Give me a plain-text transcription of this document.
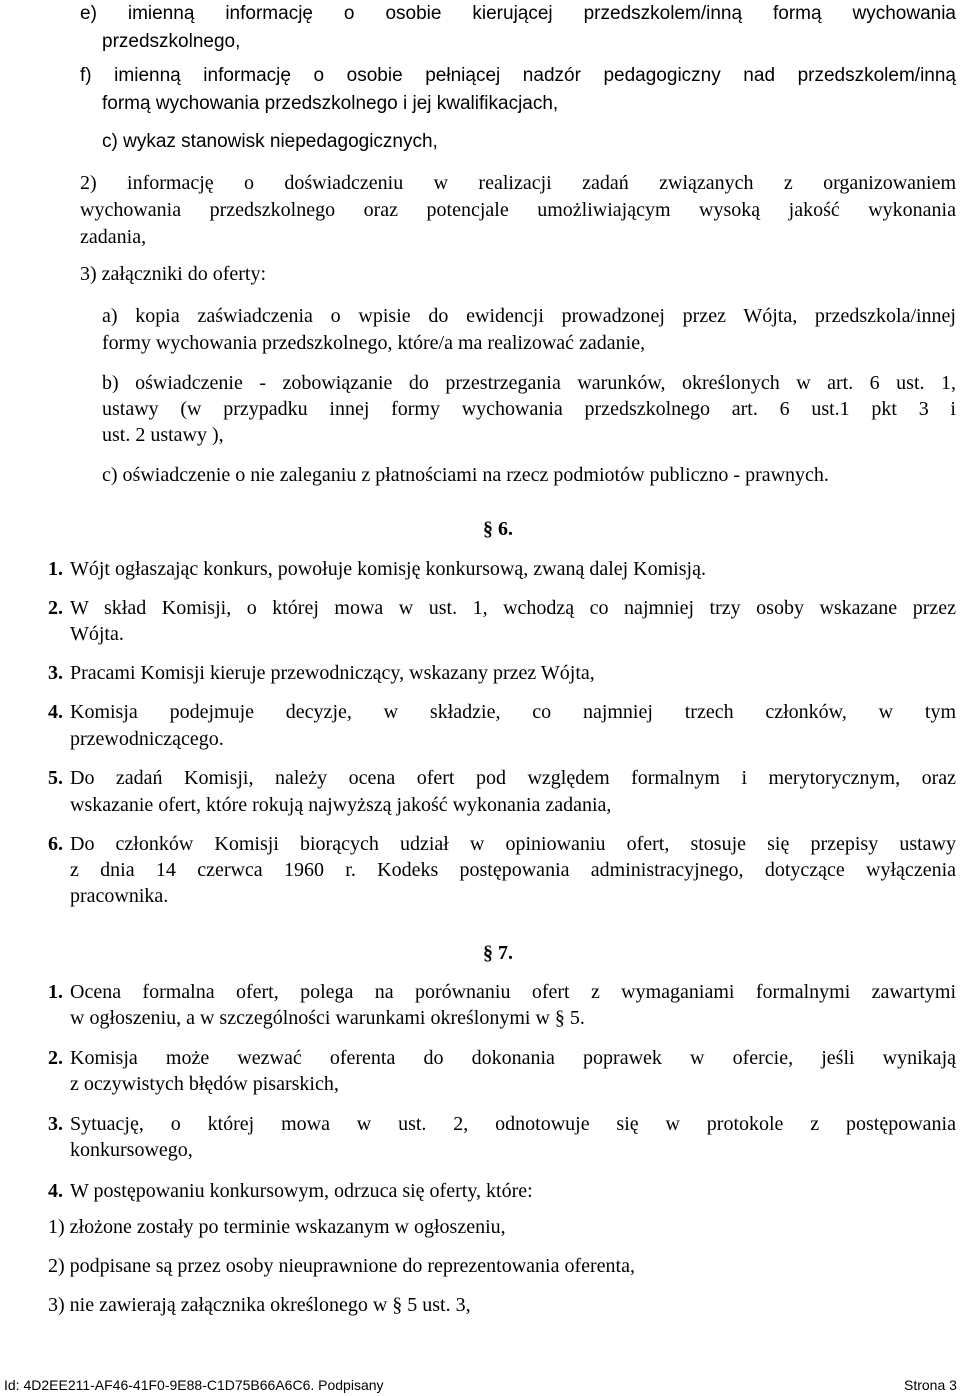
e) imienną informację o osobie kierującej przedszkolem/inną formą wychowania
przedszkolnego,
f) imienną informację o osobie pełniącej nadzór pedagogiczny nad przedszkolem/inną
formą wychowania przedszkolnego i jej kwalifikacjach,
c) wykaz stanowisk niepedagogicznych,
2) informację o doświadczeniu w realizacji zadań związanych z organizowaniem
wychowania przedszkolnego oraz potencjale umożliwiającym wysoką jakość wykonania
zadania,
3) załączniki do oferty:
a) kopia zaświadczenia o wpisie do ewidencji prowadzonej przez Wójta, przedszkola/innej
formy wychowania przedszkolnego, które/a ma realizować zadanie,
b) oświadczenie - zobowiązanie do przestrzegania warunków, określonych w art. 6 ust. 1,
ustawy (w przypadku innej formy wychowania przedszkolnego art. 6 ust.1 pkt 3 i
ust. 2 ustawy ),
c) oświadczenie o nie zaleganiu z płatnościami na rzecz podmiotów publiczno - prawnych.
§ 6.
1. Wójt ogłaszając konkurs, powołuje komisję konkursową, zwaną dalej Komisją.
2. W skład Komisji, o której mowa w ust. 1, wchodzą co najmniej trzy osoby wskazane przez
Wójta.
3. Pracami Komisji kieruje przewodniczący, wskazany przez Wójta,
4. Komisja podejmuje decyzje, w składzie, co najmniej trzech członków, w tym
przewodniczącego.
5. Do zadań Komisji, należy ocena ofert pod względem formalnym i merytorycznym, oraz
wskazanie ofert, które rokują najwyższą jakość wykonania zadania,
6. Do członków Komisji biorących udział w opiniowaniu ofert, stosuje się przepisy ustawy
z dnia 14 czerwca 1960 r. Kodeks postępowania administracyjnego, dotyczące wyłączenia
pracownika.
§ 7.
1. Ocena formalna ofert, polega na porównaniu ofert z wymaganiami formalnymi zawartymi
w ogłoszeniu, a w szczególności warunkami określonymi w § 5.
2. Komisja może wezwać oferenta do dokonania poprawek w ofercie, jeśli wynikają
z oczywistych błędów pisarskich,
3. Sytuację, o której mowa w ust. 2, odnotowuje się w protokole z postępowania
konkursowego,
4. W postępowaniu konkursowym, odrzuca się oferty, które:
1) złożone zostały po terminie wskazanym w ogłoszeniu,
2) podpisane są przez osoby nieuprawnione do reprezentowania oferenta,
3) nie zawierają załącznika określonego w § 5 ust. 3,
Id: 4D2EE211-AF46-41F0-9E88-C1D75B66A6C6. Podpisany	Strona 3
